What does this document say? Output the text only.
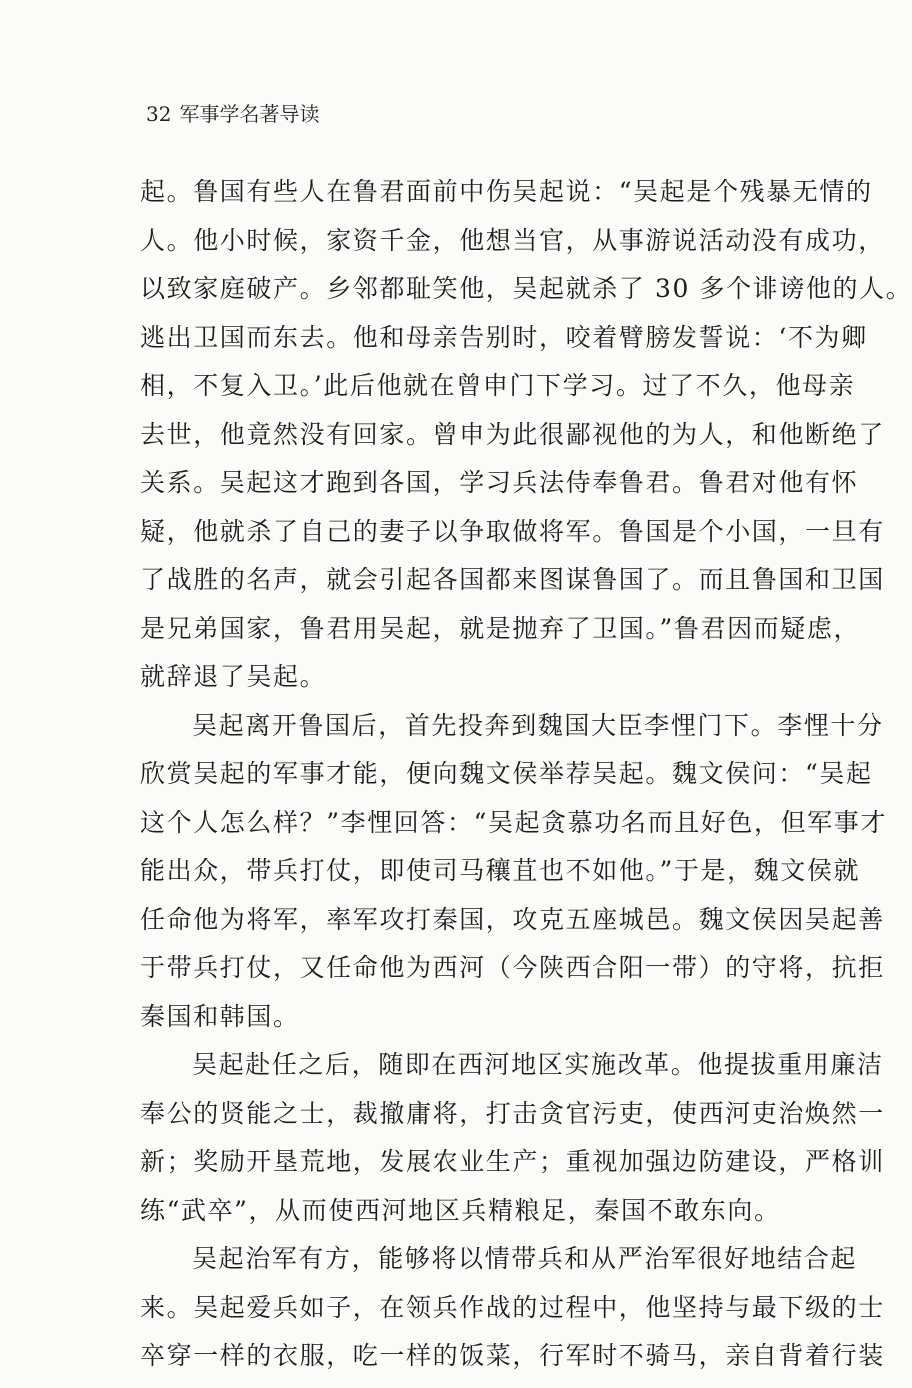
32 军事学名著导读
起。鲁国有些人在鲁君面前中伤吴起说：“吴起是个残暴无情的
人。他小时候，家资千金，他想当官，从事游说活动没有成功，
以致家庭破产。乡邻都耻笑他，吴起就杀了 30 多个诽谤他的人。
逃出卫国而东去。他和母亲告别时，咬着臂膀发誓说：‘不为卿
相，不复入卫。’此后他就在曾申门下学习。过了不久，他母亲
去世，他竟然没有回家。曾申为此很鄙视他的为人，和他断绝了
关系。吴起这才跑到各国，学习兵法侍奉鲁君。鲁君对他有怀
疑，他就杀了自己的妻子以争取做将军。鲁国是个小国，一旦有
了战胜的名声，就会引起各国都来图谋鲁国了。而且鲁国和卫国
是兄弟国家，鲁君用吴起，就是抛弃了卫国。”鲁君因而疑虑，
就辞退了吴起。
吴起离开鲁国后，首先投奔到魏国大臣李悝门下。李悝十分
欣赏吴起的军事才能，便向魏文侯举荐吴起。魏文侯问：“吴起
这个人怎么样？”李悝回答：“吴起贪慕功名而且好色，但军事才
能出众，带兵打仗，即使司马穰苴也不如他。”于是，魏文侯就
任命他为将军，率军攻打秦国，攻克五座城邑。魏文侯因吴起善
于带兵打仗，又任命他为西河（今陕西合阳一带）的守将，抗拒
秦国和韩国。
吴起赴任之后，随即在西河地区实施改革。他提拔重用廉洁
奉公的贤能之士，裁撤庸将，打击贪官污吏，使西河吏治焕然一
新；奖励开垦荒地，发展农业生产；重视加强边防建设，严格训
练“武卒”，从而使西河地区兵精粮足，秦国不敢东向。
吴起治军有方，能够将以情带兵和从严治军很好地结合起
来。吴起爱兵如子，在领兵作战的过程中，他坚持与最下级的士
卒穿一样的衣服，吃一样的饭菜，行军时不骑马，亲自背着行装
